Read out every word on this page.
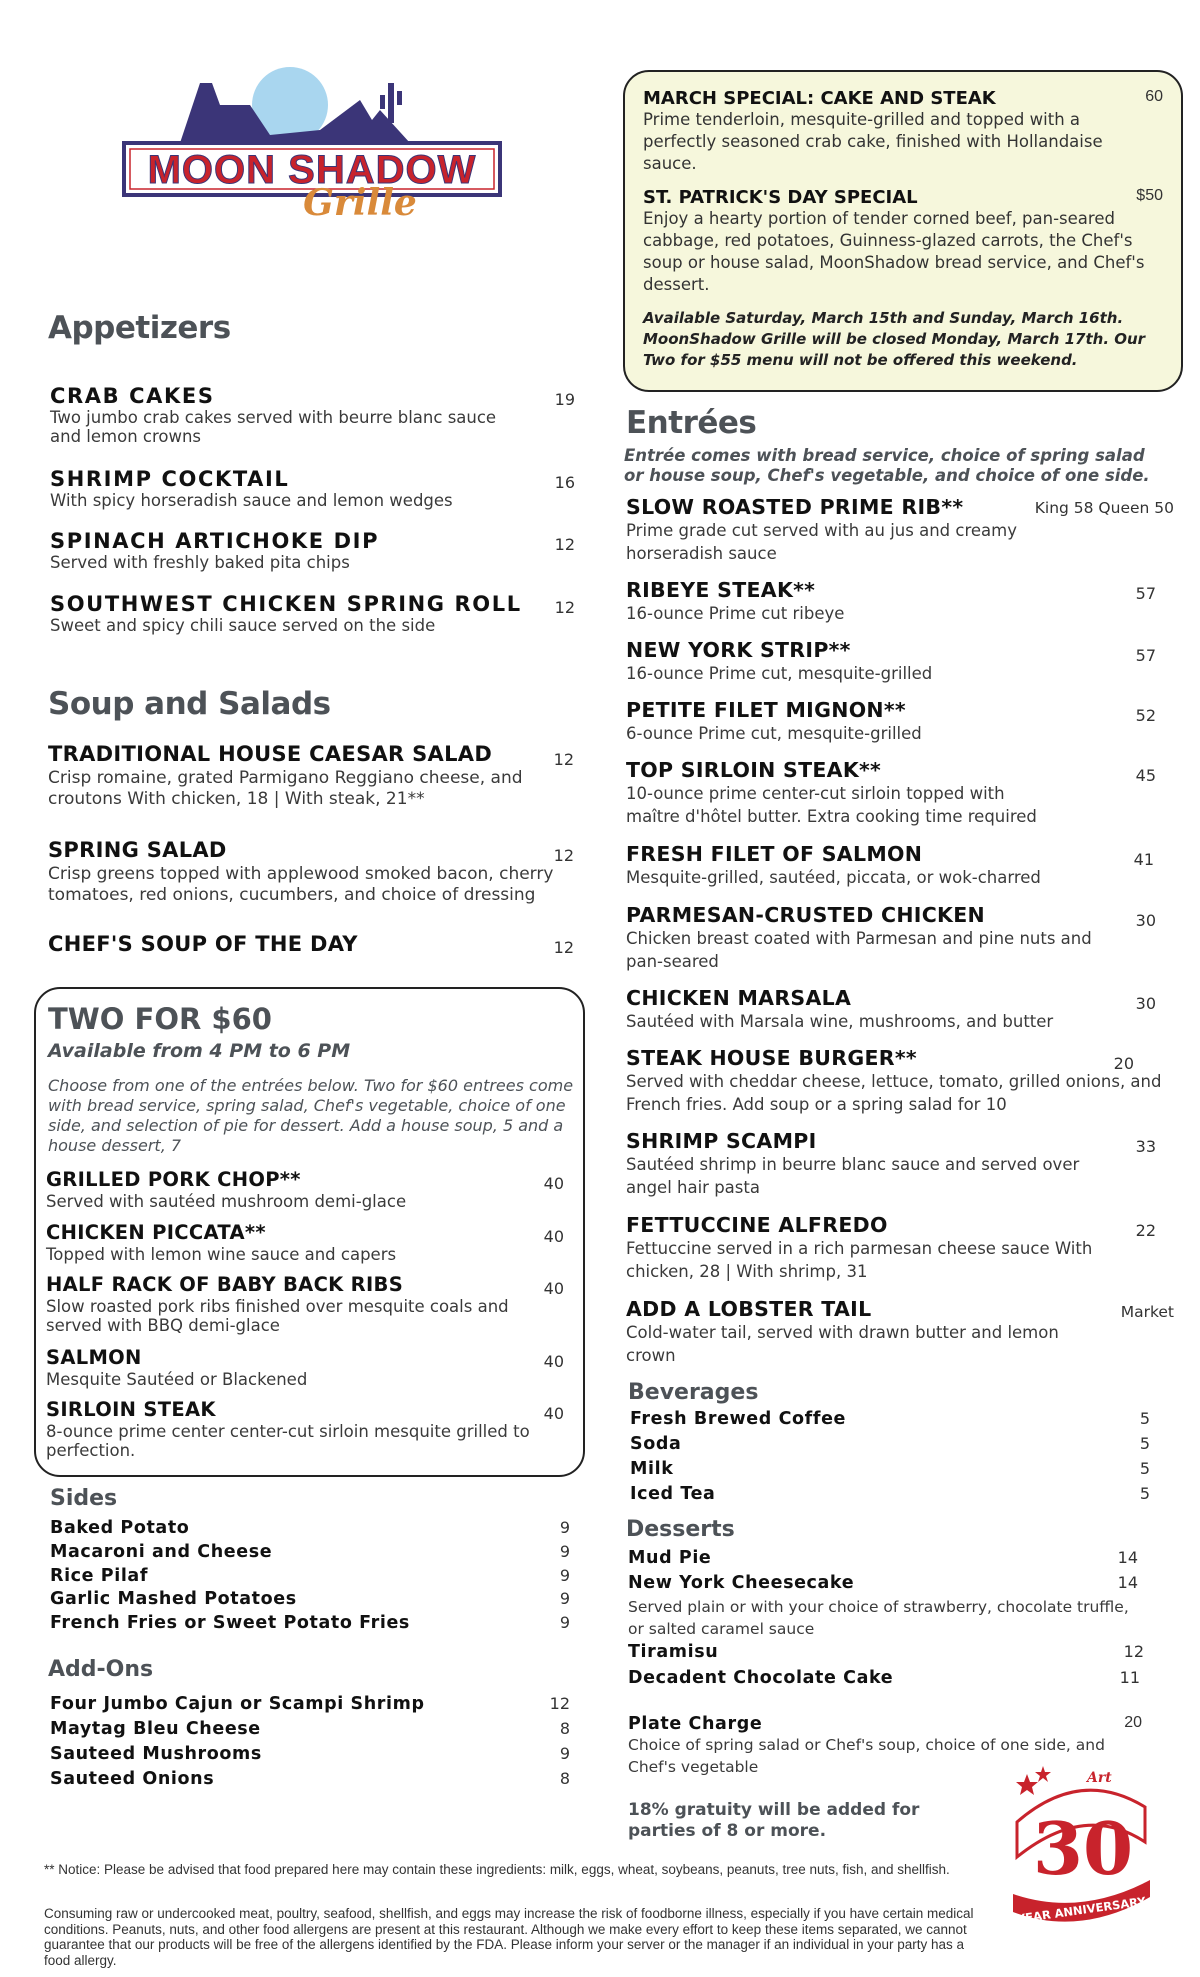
MOON SHADOW
Grille
Appetizers
CRAB CAKES
Two jumbo crab cakes served with beurre blanc sauce and lemon crowns
19
SHRIMP COCKTAIL
With spicy horseradish sauce and lemon wedges
16
SPINACH ARTICHOKE DIP
Served with freshly baked pita chips
12
SOUTHWEST CHICKEN SPRING ROLL
Sweet and spicy chili sauce served on the side
12
Soup and Salads
TRADITIONAL HOUSE CAESAR SALAD
Crisp romaine, grated Parmigano Reggiano cheese, and croutons With chicken, 18 | With steak, 21**
12
SPRING SALAD
Crisp greens topped with applewood smoked bacon, cherry tomatoes, red onions, cucumbers, and choice of dressing
12
CHEF'S SOUP OF THE DAY	12
TWO FOR $60
Available from 4 PM to 6 PM
Choose from one of the entrées below. Two for $60 entrees come with bread service, spring salad, Chef's vegetable, choice of one side, and selection of pie for dessert. Add a house soup, 5 and a house dessert, 7
GRILLED PORK CHOP**
Served with sautéed mushroom demi-glace
40
CHICKEN PICCATA**
Topped with lemon wine sauce and capers
40
HALF RACK OF BABY BACK RIBS
Slow roasted pork ribs finished over mesquite coals and served with BBQ demi-glace
40
SALMON
Mesquite Sautéed or Blackened
40
SIRLOIN STEAK
8-ounce prime center center-cut sirloin mesquite grilled to perfection.
40
Sides
Baked Potato	9
Macaroni and Cheese	9
Rice Pilaf	9
Garlic Mashed Potatoes	9
French Fries or Sweet Potato Fries	9
Add-Ons
Four Jumbo Cajun or Scampi Shrimp	12
Maytag Bleu Cheese	8
Sauteed Mushrooms	9
Sauteed Onions	8
MARCH SPECIAL: CAKE AND STEAK
Prime tenderloin, mesquite-grilled and topped with a perfectly seasoned crab cake, finished with Hollandaise sauce.
60
ST. PATRICK'S DAY SPECIAL
Enjoy a hearty portion of tender corned beef, pan-seared cabbage, red potatoes, Guinness-glazed carrots, the Chef's soup or house salad, MoonShadow bread service, and Chef's dessert.
$50
Available Saturday, March 15th and Sunday, March 16th. MoonShadow Grille will be closed Monday, March 17th. Our Two for $55 menu will not be offered this weekend.
Entrées
Entrée comes with bread service, choice of spring salad or house soup, Chef's vegetable, and choice of one side.
SLOW ROASTED PRIME RIB**
Prime grade cut served with au jus and creamy horseradish sauce
King 58 Queen 50
RIBEYE STEAK**
16-ounce Prime cut ribeye
57
NEW YORK STRIP**
16-ounce Prime cut, mesquite-grilled
57
PETITE FILET MIGNON**
6-ounce Prime cut, mesquite-grilled
52
TOP SIRLOIN STEAK**
10-ounce prime center-cut sirloin topped with maître d'hôtel butter. Extra cooking time required
45
FRESH FILET OF SALMON
Mesquite-grilled, sautéed, piccata, or wok-charred
41
PARMESAN-CRUSTED CHICKEN
Chicken breast coated with Parmesan and pine nuts and pan-seared
30
CHICKEN MARSALA
Sautéed with Marsala wine, mushrooms, and butter
30
STEAK HOUSE BURGER**
Served with cheddar cheese, lettuce, tomato, grilled onions, and French fries. Add soup or a spring salad for 10
20
SHRIMP SCAMPI
Sautéed shrimp in beurre blanc sauce and served over angel hair pasta
33
FETTUCCINE ALFREDO
Fettuccine served in a rich parmesan cheese sauce With chicken, 28 | With shrimp, 31
22
ADD A LOBSTER TAIL
Cold-water tail, served with drawn butter and lemon crown
Market
Beverages
Fresh Brewed Coffee	5
Soda	5
Milk	5
Iced Tea	5
Desserts
Mud Pie	14
New York Cheesecake	14
Served plain or with your choice of strawberry, chocolate truffle, or salted caramel sauce
Tiramisu	12
Decadent Chocolate Cake	11
Plate Charge
Choice of spring salad or Chef's soup, choice of one side, and Chef's vegetable
20
18% gratuity will be added for parties of 8 or more.
** Notice: Please be advised that food prepared here may contain these ingredients: milk, eggs, wheat, soybeans, peanuts, tree nuts, fish, and shellfish.
Consuming raw or undercooked meat, poultry, seafood, shellfish, and eggs may increase the risk of foodborne illness, especially if you have certain medical conditions. Peanuts, nuts, and other food allergens are present at this restaurant. Although we make every effort to keep these items separated, we cannot guarantee that our products will be free of the allergens identified by the FDA. Please inform your server or the manager if an individual in your party has a food allergy.
Art
30
YEAR ANNIVERSARY
